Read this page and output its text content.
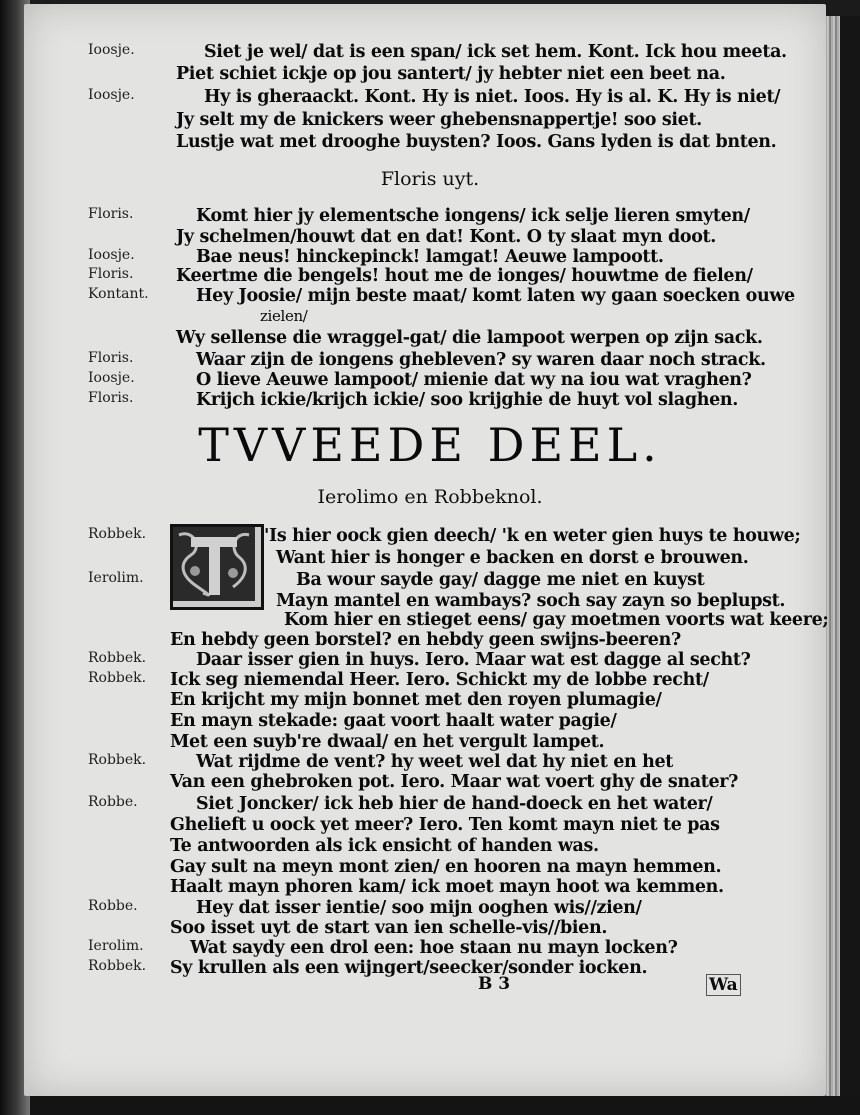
Ioosje.	Siet je wel/ dat is een span/ ick set hem. Kont. Ick hou meeta.
Piet schiet ickje op jou santert/ jy hebter niet een beet na.
Ioosje.	Hy is gheraackt. Kont. Hy is niet. Ioos. Hy is al. K. Hy is niet/
Jy selt my de knickers weer ghebensnappertje! soo siet.
Lustje wat met drooghe buysten? Ioos. Gans lyden is dat bnten.
Floris uyt.
Floris.	Komt hier jy elementsche iongens/ ick selje lieren smyten/
Jy schelmen/houwt dat en dat! Kont. O ty slaat myn doot.
Ioosje.	Bae neus! hinckepinck! lamgat! Aeuwe lampoott.
Floris. Keertme die bengels! hout me de ionges/ houwtme de fielen/
Kontant.	Hey Joosie/ mijn beste maat/ komt laten wy gaan soecken ouwe
zielen/
Wy sellense die wraggel-gat/ die lampoot werpen op zijn sack.
Floris.	Waar zijn de iongens ghebleven? sy waren daar noch strack.
Ioosje.	O lieve Aeuwe lampoot/ mienie dat wy na iou wat vraghen?
Floris.	Krijch ickie/krijch ickie/ soo krijghie de huyt vol slaghen.
TVVEEDE DEEL.
Ierolimo en Robbeknol.
Robbek.	'Is hier oock gien deech/ 'k en weter gien huys te houwe;
Want hier is honger e backen en dorst e brouwen.
Ierolim.	Ba wour sayde gay/ dagge me niet en kuyst
Mayn mantel en wambays? soch say zayn so beplupst.
Kom hier en stieget eens/ gay moetmen voorts wat keere;
En hebdy geen borstel? en hebdy geen swijns-beeren?
Robbek.	Daar isser gien in huys. Iero. Maar wat est dagge al secht?
Robbek. Ick seg niemendal Heer. Iero. Schickt my de lobbe recht/
En krijcht my mijn bonnet met den royen plumagie/
En mayn stekade: gaat voort haalt water pagie/
Met een suyb're dwaal/ en het vergult lampet.
Robbek.	Wat rijdme de vent? hy weet wel dat hy niet en het
Van een ghebroken pot. Iero. Maar wat voert ghy de snater?
Robbe.	Siet Joncker/ ick heb hier de hand-doeck en het water/
Ghelieft u oock yet meer? Iero. Ten komt mayn niet te pas
Te antwoorden als ick ensicht of handen was.
Gay sult na meyn mont zien/ en hooren na mayn hemmen.
Haalt mayn phoren kam/ ick moet mayn hoot wa kemmen.
Robbe.	Hey dat isser ientie/ soo mijn ooghen wis//zien/
Soo isset uyt de start van ien schelle-vis//bien.
Ierolim.	Wat saydy een drol een: hoe staan nu mayn locken?
Robbek. Sy krullen als een wijngert/seecker/sonder iocken.
B 3	Wa
